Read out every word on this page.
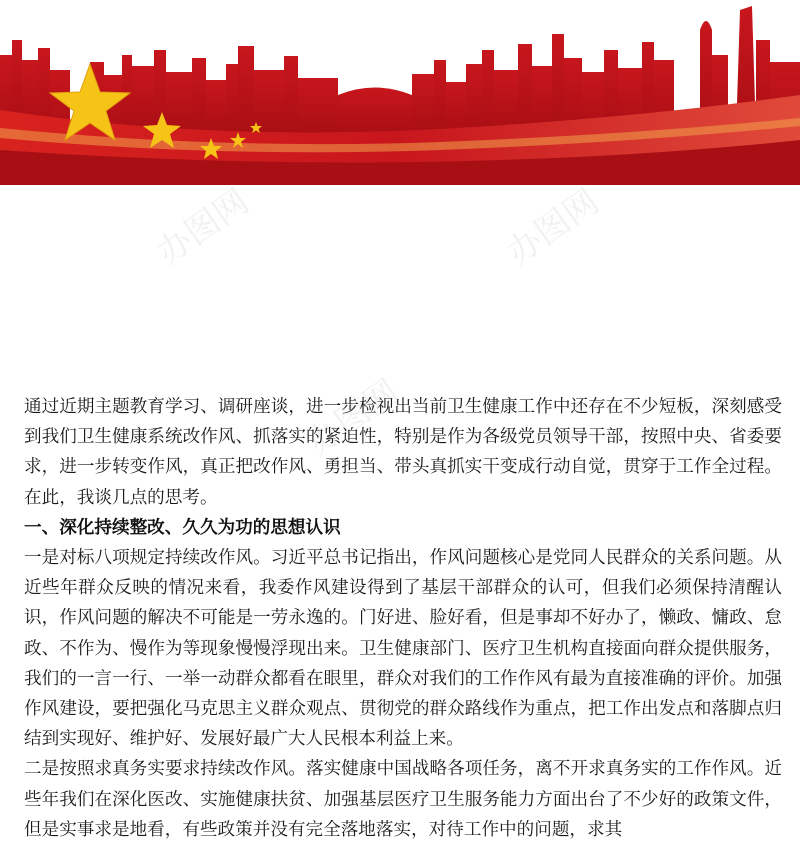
办图网	办图网
办图网

通过近期主题教育学习、调研座谈，进一步检视出当前卫生健康工作中还存在不少短板，深刻感受到我们卫生健康系统改作风、抓落实的紧迫性，特别是作为各级党员领导干部，按照中央、省委要求，进一步转变作风，真正把改作风、勇担当、带头真抓实干变成行动自觉，贯穿于工作全过程。在此，我谈几点的思考。

一、深化持续整改、久久为功的思想认识

一是对标八项规定持续改作风。习近平总书记指出，作风问题核心是党同人民群众的关系问题。从近些年群众反映的情况来看，我委作风建设得到了基层干部群众的认可，但我们必须保持清醒认识，作风问题的解决不可能是一劳永逸的。门好进、脸好看，但是事却不好办了，懒政、慵政、怠政、不作为、慢作为等现象慢慢浮现出来。卫生健康部门、医疗卫生机构直接面向群众提供服务，我们的一言一行、一举一动群众都看在眼里，群众对我们的工作作风有最为直接准确的评价。加强作风建设，要把强化马克思主义群众观点、贯彻党的群众路线作为重点，把工作出发点和落脚点归结到实现好、维护好、发展好最广大人民根本利益上来。

二是按照求真务实要求持续改作风。落实健康中国战略各项任务，离不开求真务实的工作作风。近些年我们在深化医改、实施健康扶贫、加强基层医疗卫生服务能力方面出台了不少好的政策文件，但是实事求是地看，有些政策并没有完全落地落实，对待工作中的问题，求其
